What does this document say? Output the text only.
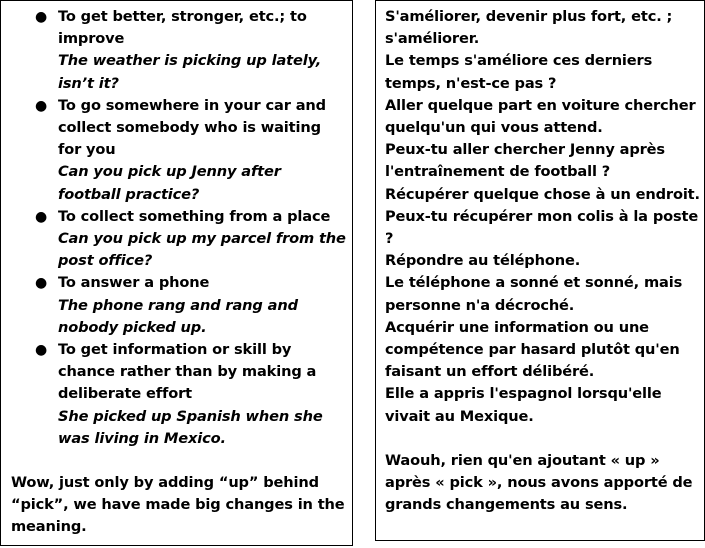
● To get better, stronger, etc.; to improve
The weather is picking up lately, isn’t it?
● To go somewhere in your car and collect somebody who is waiting for you
Can you pick up Jenny after football practice?
● To collect something from a place
Can you pick up my parcel from the post office?
● To answer a phone
The phone rang and rang and nobody picked up.
● To get information or skill by chance rather than by making a deliberate effort
She picked up Spanish when she was living in Mexico.
Wow, just only by adding “up” behind “pick”, we have made big changes in the meaning.
S'améliorer, devenir plus fort, etc. ; s'améliorer.
Le temps s'améliore ces derniers temps, n'est-ce pas ?
Aller quelque part en voiture chercher quelqu'un qui vous attend.
Peux-tu aller chercher Jenny après l'entraînement de football ?
Récupérer quelque chose à un endroit.
Peux-tu récupérer mon colis à la poste ?
Répondre au téléphone.
Le téléphone a sonné et sonné, mais personne n'a décroché.
Acquérir une information ou une compétence par hasard plutôt qu'en faisant un effort délibéré.
Elle a appris l'espagnol lorsqu'elle vivait au Mexique.
Waouh, rien qu'en ajoutant « up » après « pick », nous avons apporté de grands changements au sens.
